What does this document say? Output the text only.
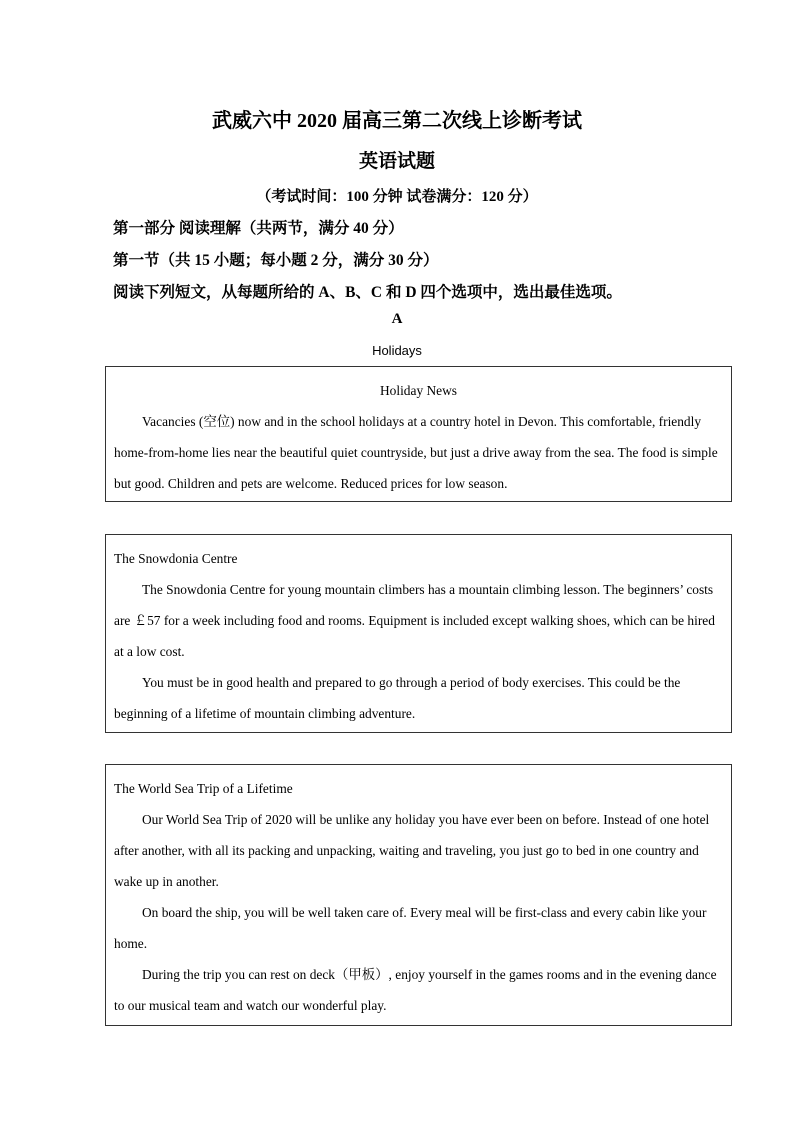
武威六中 2020 届高三第二次线上诊断考试
英语试题
（考试时间：100 分钟 试卷满分：120 分）
第一部分 阅读理解（共两节，满分 40 分）
第一节（共 15 小题；每小题 2 分，满分 30 分）
阅读下列短文，从每题所给的 A、B、C 和 D 四个选项中，选出最佳选项。
A
Holidays

Holiday News

Vacancies (空位) now and in the school holidays at a country hotel in Devon. This comfortable, friendly home-from-home lies near the beautiful quiet countryside, but just a drive away from the sea. The food is simple but good. Children and pets are welcome. Reduced prices for low season.

The Snowdonia Centre

The Snowdonia Centre for young mountain climbers has a mountain climbing lesson. The beginners’ costs are ￡57 for a week including food and rooms. Equipment is included except walking shoes, which can be hired at a low cost.

You must be in good health and prepared to go through a period of body exercises. This could be the beginning of a lifetime of mountain climbing adventure.

The World Sea Trip of a Lifetime

Our World Sea Trip of 2020 will be unlike any holiday you have ever been on before. Instead of one hotel after another, with all its packing and unpacking, waiting and traveling, you just go to bed in one country and wake up in another.

On board the ship, you will be well taken care of. Every meal will be first-class and every cabin like your home.

During the trip you can rest on deck（甲板）, enjoy yourself in the games rooms and in the evening dance to our musical team and watch our wonderful play.
